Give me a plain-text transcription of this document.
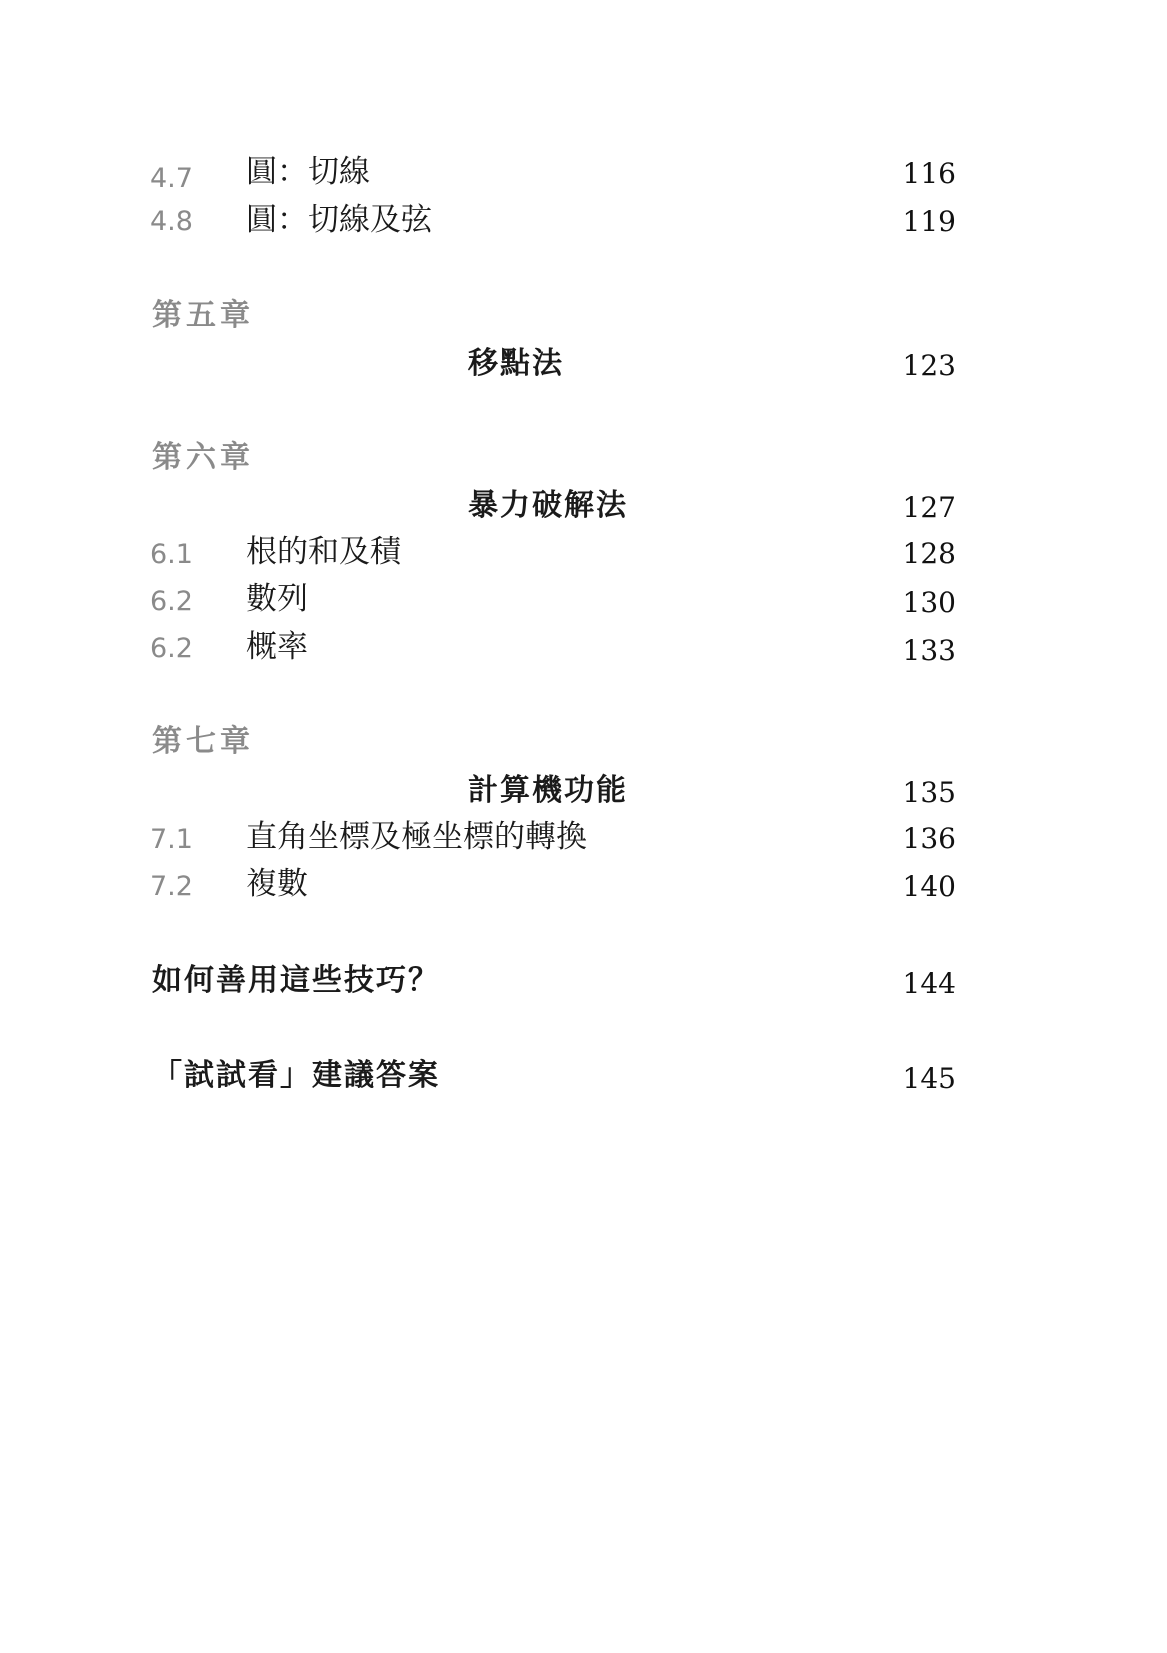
4.7 圓：切線	116
4.8 圓：切線及弦	119
第五章
移點法	123
第六章
暴力破解法	127
6.1 根的和及積	128
6.2 數列	130
6.2 概率	133
第七章
計算機功能	135
7.1 直角坐標及極坐標的轉換	136
7.2 複數	140
如何善用這些技巧？	144
「試試看」建議答案	145
